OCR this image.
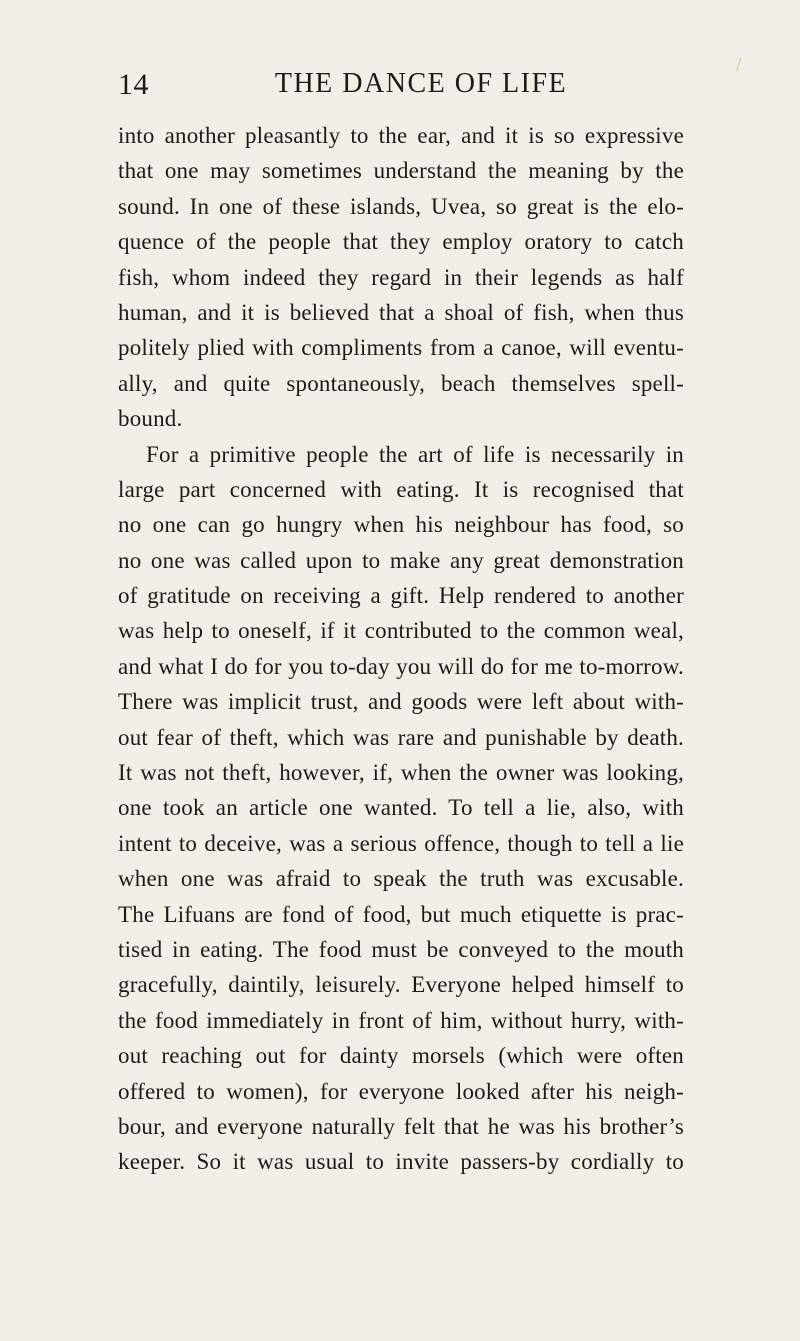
14	THE DANCE OF LIFE
into another pleasantly to the ear, and it is so expressive
that one may sometimes understand the meaning by the
sound. In one of these islands, Uvea, so great is the elo-
quence of the people that they employ oratory to catch
fish, whom indeed they regard in their legends as half
human, and it is believed that a shoal of fish, when thus
politely plied with compliments from a canoe, will eventu-
ally, and quite spontaneously, beach themselves spell-
bound.
For a primitive people the art of life is necessarily in
large part concerned with eating. It is recognised that
no one can go hungry when his neighbour has food, so
no one was called upon to make any great demonstration
of gratitude on receiving a gift. Help rendered to another
was help to oneself, if it contributed to the common weal,
and what I do for you to-day you will do for me to-morrow.
There was implicit trust, and goods were left about with-
out fear of theft, which was rare and punishable by death.
It was not theft, however, if, when the owner was looking,
one took an article one wanted. To tell a lie, also, with
intent to deceive, was a serious offence, though to tell a lie
when one was afraid to speak the truth was excusable.
The Lifuans are fond of food, but much etiquette is prac-
tised in eating. The food must be conveyed to the mouth
gracefully, daintily, leisurely. Everyone helped himself to
the food immediately in front of him, without hurry, with-
out reaching out for dainty morsels (which were often
offered to women), for everyone looked after his neigh-
bour, and everyone naturally felt that he was his brother’s
keeper. So it was usual to invite passers-by cordially to
